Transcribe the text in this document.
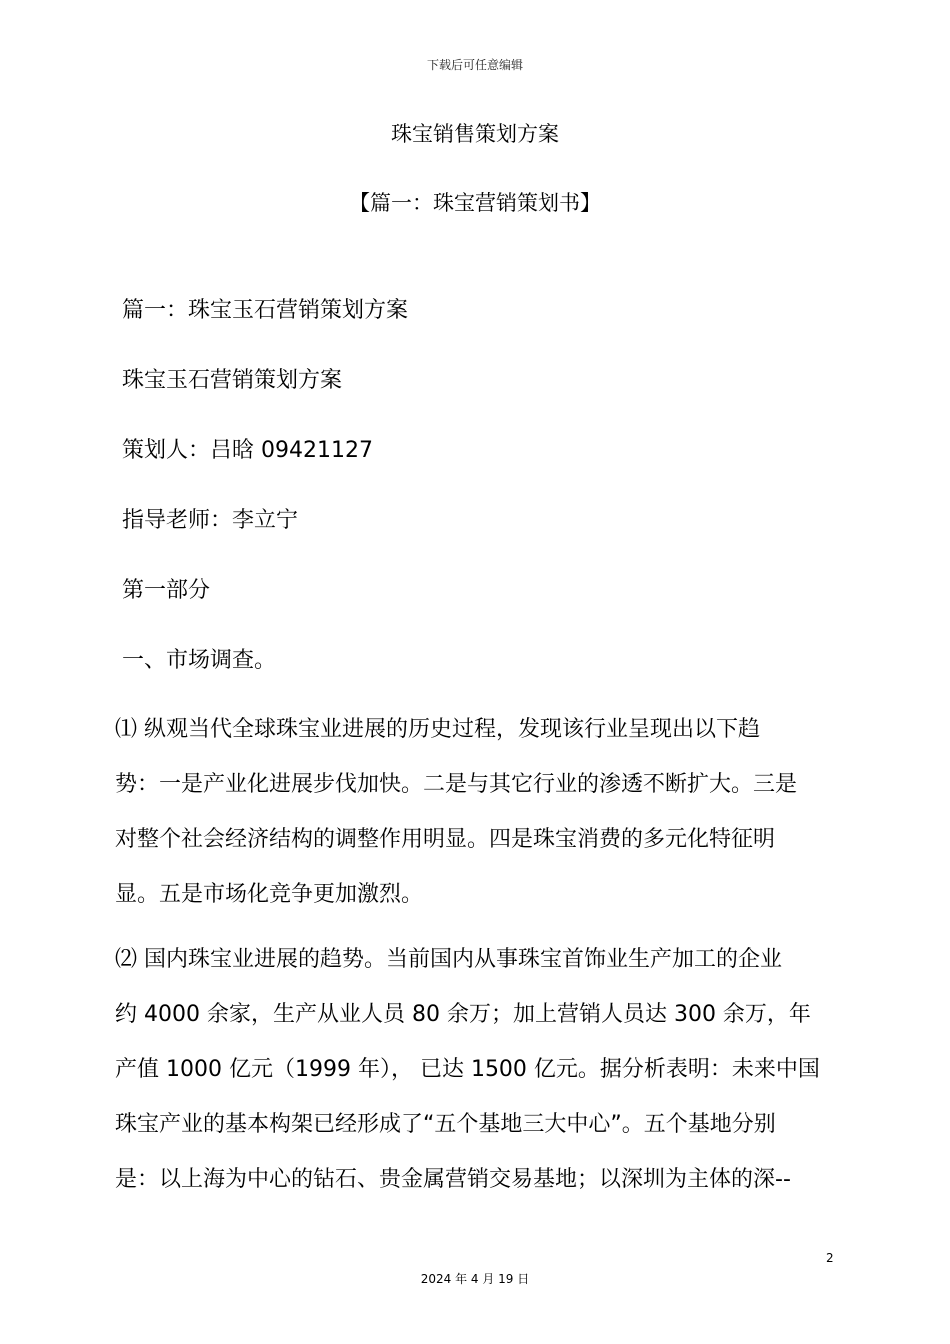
下载后可任意编辑
珠宝销售策划方案
【篇一：珠宝营销策划书】
篇一：珠宝玉石营销策划方案
珠宝玉石营销策划方案
策划人：吕晗 09421127
指导老师：李立宁
第一部分
一、市场调查。
⑴ 纵观当代全球珠宝业进展的历史过程，发现该行业呈现出以下趋
势：一是产业化进展步伐加快。二是与其它行业的渗透不断扩大。三是
对整个社会经济结构的调整作用明显。四是珠宝消费的多元化特征明
显。五是市场化竞争更加激烈。
⑵ 国内珠宝业进展的趋势。当前国内从事珠宝首饰业生产加工的企业
约 4000 余家，生产从业人员 80 余万；加上营销人员达 300 余万，年
产值 1000 亿元（1999 年）， 已达 1500 亿元。据分析表明：未来中国
珠宝产业的基本构架已经形成了“五个基地三大中心”。五个基地分别
是：以上海为中心的钻石、贵金属营销交易基地；以深圳为主体的深--
2
2024 年 4 月 19 日
